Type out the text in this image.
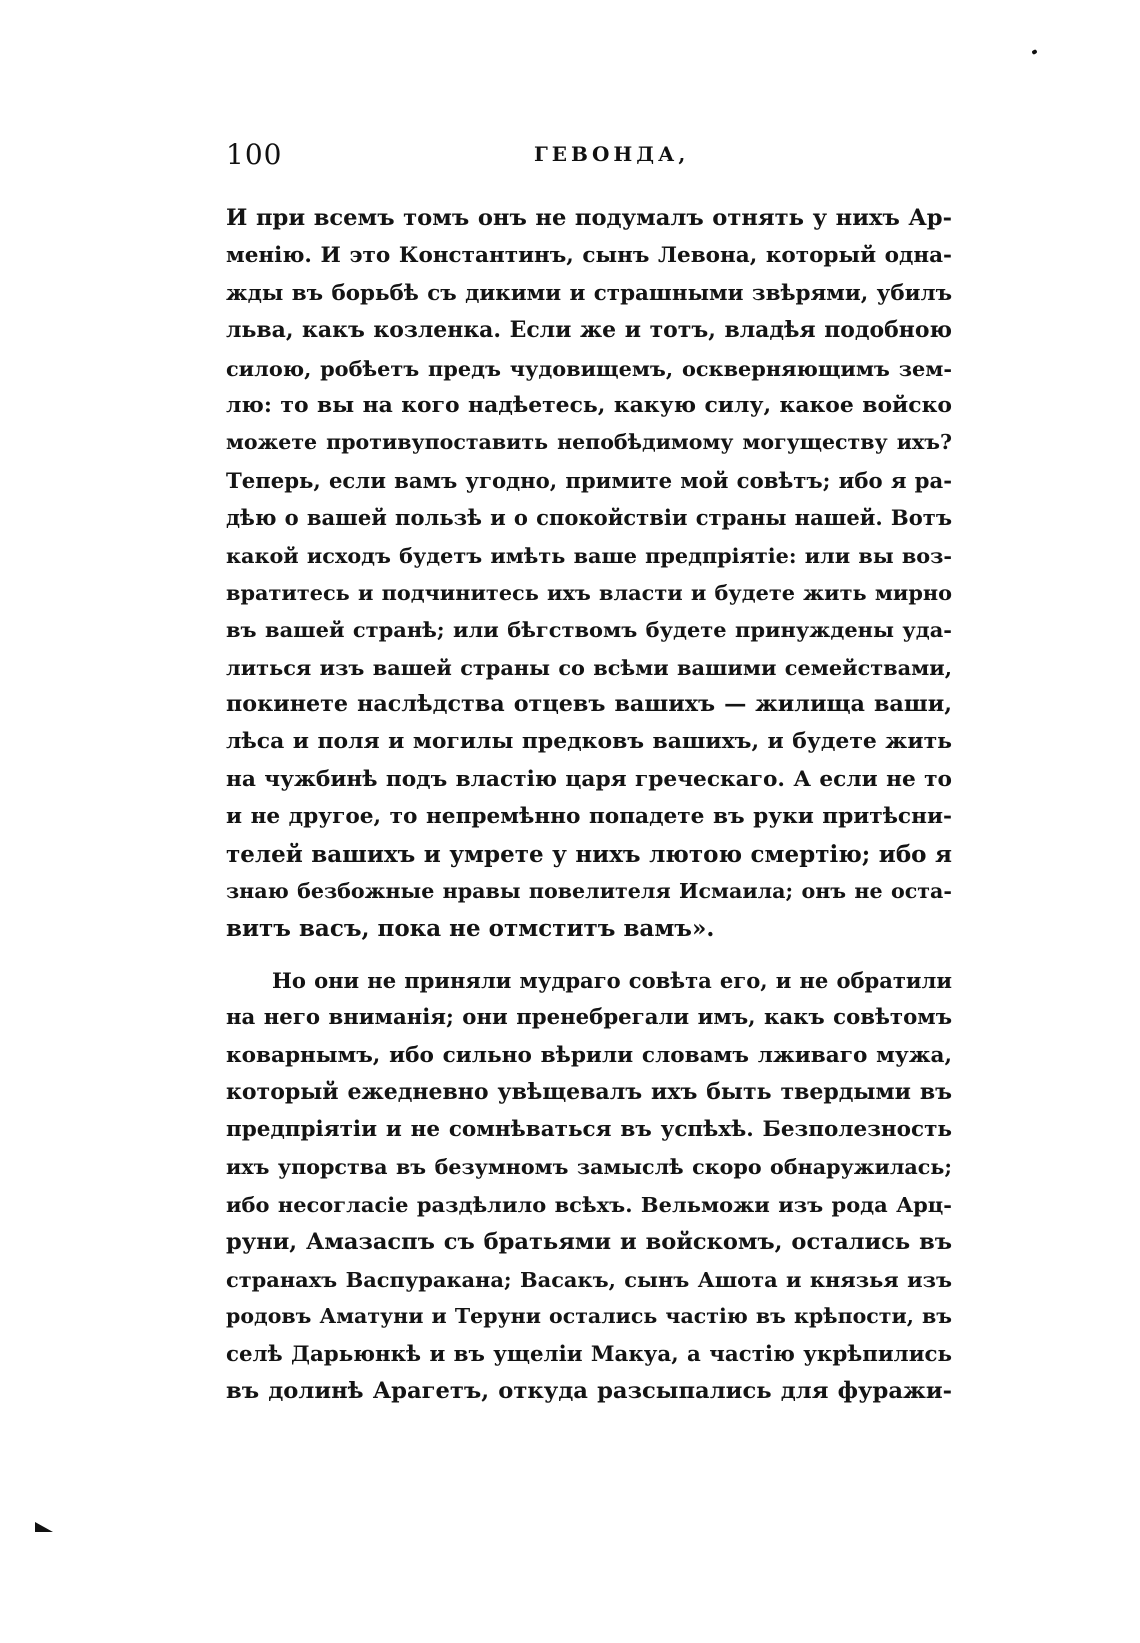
100	ГЕВОНДА,
И при всемъ томъ онъ не подумалъ отнять у нихъ Ар-
менію. И это Константинъ, сынъ Левона, который одна-
жды въ борьбѣ съ дикими и страшными звѣрями, убилъ
льва, какъ козленка. Если же и тотъ, владѣя подобною
силою, робѣетъ предъ чудовищемъ, оскверняющимъ зем-
лю: то вы на кого надѣетесь, какую силу, какое войско
можете противупоставить непобѣдимому могуществу ихъ?
Теперь, если вамъ угодно, примите мой совѣтъ; ибо я ра-
дѣю о вашей пользѣ и о спокойствіи страны нашей. Вотъ
какой исходъ будетъ имѣть ваше предпріятіе: или вы воз-
вратитесь и подчинитесь ихъ власти и будете жить мирно
въ вашей странѣ; или бѣгствомъ будете принуждены уда-
литься изъ вашей страны со всѣми вашими семействами,
покинете наслѣдства отцевъ вашихъ — жилища ваши,
лѣса и поля и могилы предковъ вашихъ, и будете жить
на чужбинѣ подъ властію царя греческаго. А если не то
и не другое, то непремѣнно попадете въ руки притѣсни-
телей вашихъ и умрете у нихъ лютою смертію; ибо я
знаю безбожные нравы повелителя Исмаила; онъ не оста-
витъ васъ, пока не отмститъ вамъ».
Но они не приняли мудраго совѣта его, и не обратили
на него вниманія; они пренебрегали имъ, какъ совѣтомъ
коварнымъ, ибо сильно вѣрили словамъ лживаго мужа,
который ежедневно увѣщевалъ ихъ быть твердыми въ
предпріятіи и не сомнѣваться въ успѣхѣ. Безполезность
ихъ упорства въ безумномъ замыслѣ скоро обнаружилась;
ибо несогласіе раздѣлило всѣхъ. Вельможи изъ рода Арц-
руни, Амазаспъ съ братьями и войскомъ, остались въ
странахъ Васпуракана; Васакъ, сынъ Ашота и князья изъ
родовъ Аматуни и Теруни остались частію въ крѣпости, въ
селѣ Дарьюнкѣ и въ ущеліи Макуа, а частію укрѣпились
въ долинѣ Арагетъ, откуда разсыпались для фуражи-
